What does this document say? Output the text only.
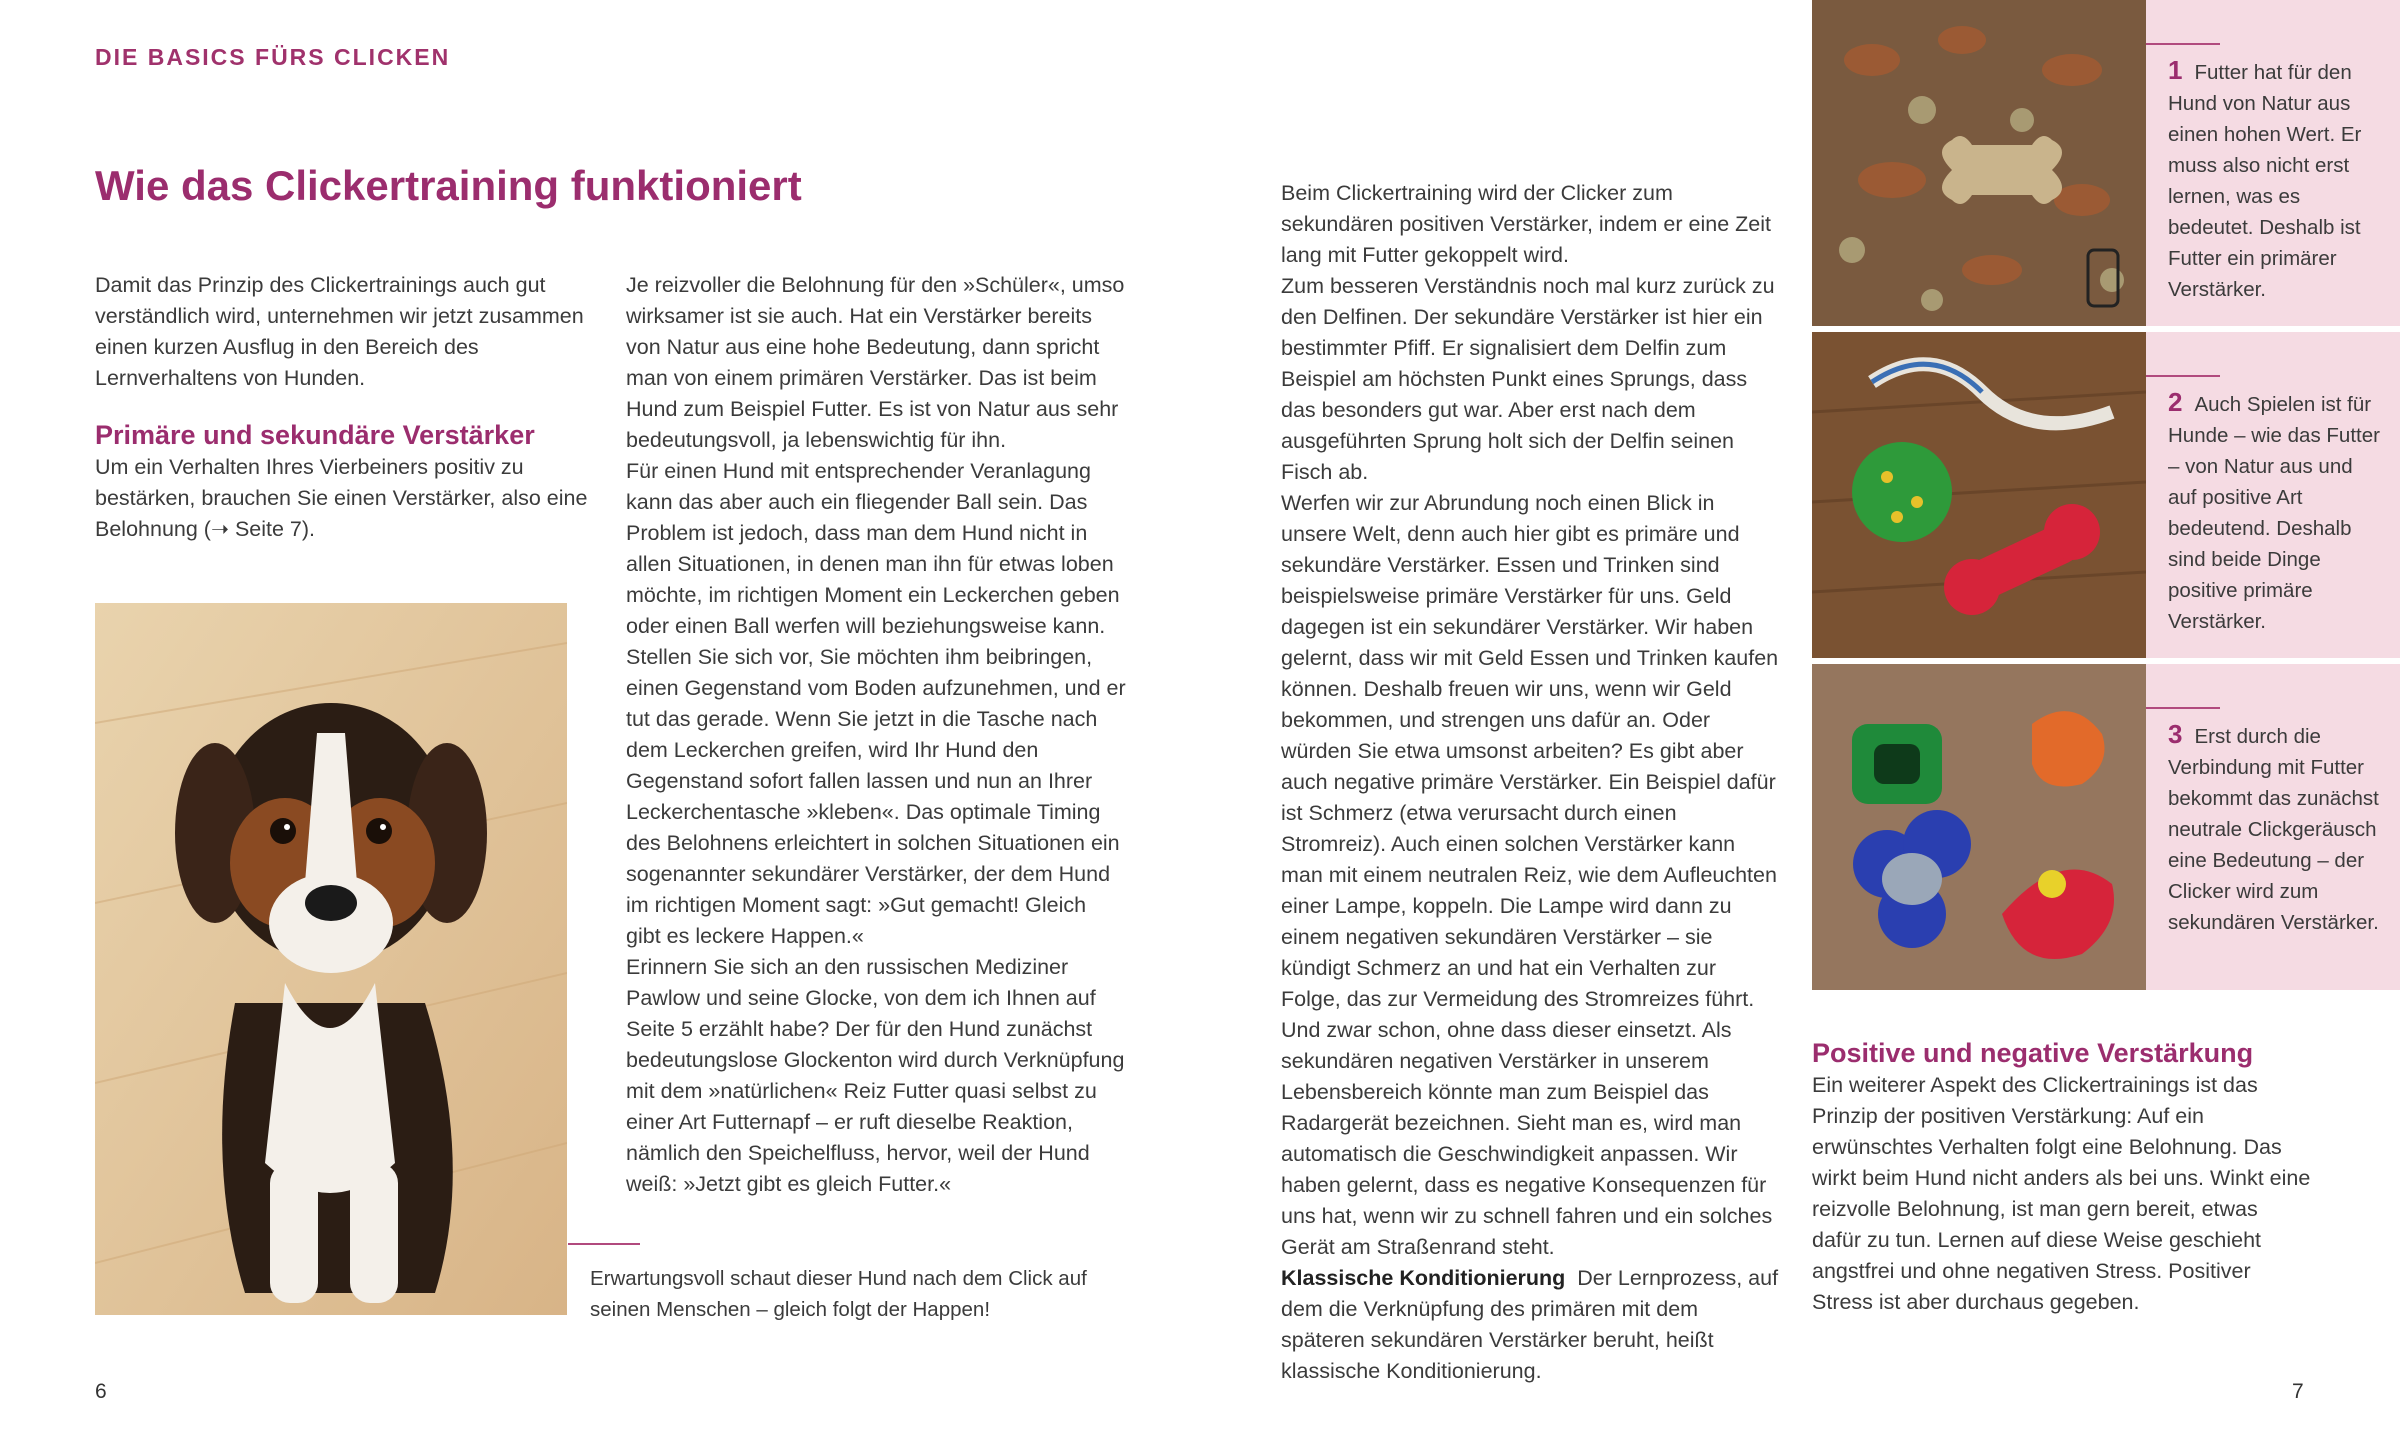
DIE BASICS FÜRS CLICKEN
Wie das Clickertraining funktioniert

Damit das Prinzip des Clickertrainings auch gut verständlich wird, unternehmen wir jetzt zusammen einen kurzen Ausflug in den Bereich des Lernverhaltens von Hunden.

Primäre und sekundäre Verstärker

Um ein Verhalten Ihres Vierbeiners positiv zu bestärken, brauchen Sie einen Verstärker, also eine Belohnung (➝ Seite 7).

Je reizvoller die Belohnung für den »Schüler«, umso wirksamer ist sie auch. Hat ein Verstärker bereits von Natur aus eine hohe Bedeutung, dann spricht man von einem primären Verstärker. Das ist beim Hund zum Beispiel Futter. Es ist von Natur aus sehr bedeutungsvoll, ja lebenswichtig für ihn.

Für einen Hund mit entsprechender Veranlagung kann das aber auch ein fliegender Ball sein. Das Problem ist jedoch, dass man dem Hund nicht in allen Situationen, in denen man ihn für etwas loben möchte, im richtigen Moment ein Leckerchen geben oder einen Ball werfen will beziehungsweise kann. Stellen Sie sich vor, Sie möchten ihm beibringen, einen Gegenstand vom Boden aufzunehmen, und er tut das gerade. Wenn Sie jetzt in die Tasche nach dem Leckerchen greifen, wird Ihr Hund den Gegenstand sofort fallen lassen und nun an Ihrer Leckerchentasche »kleben«. Das optimale Timing des Belohnens erleichtert in solchen Situationen ein sogenannter sekundärer Verstärker, der dem Hund im richtigen Moment sagt: »Gut gemacht! Gleich gibt es leckere Happen.«

Erinnern Sie sich an den russischen Mediziner Pawlow und seine Glocke, von dem ich Ihnen auf Seite 5 erzählt habe? Der für den Hund zunächst bedeutungslose Glockenton wird durch Verknüpfung mit dem »natürlichen« Reiz Futter quasi selbst zu einer Art Futternapf – er ruft dieselbe Reaktion, nämlich den Speichelfluss, hervor, weil der Hund weiß: »Jetzt gibt es gleich Futter.«

Erwartungsvoll schaut dieser Hund nach dem Click auf seinen Menschen – gleich folgt der Happen!
6

Beim Clickertraining wird der Clicker zum sekundären positiven Verstärker, indem er eine Zeit lang mit Futter gekoppelt wird.

Zum besseren Verständnis noch mal kurz zurück zu den Delfinen. Der sekundäre Verstärker ist hier ein bestimmter Pfiff. Er signalisiert dem Delfin zum Beispiel am höchsten Punkt eines Sprungs, dass das besonders gut war. Aber erst nach dem ausgeführten Sprung holt sich der Delfin seinen Fisch ab.

Werfen wir zur Abrundung noch einen Blick in unsere Welt, denn auch hier gibt es primäre und sekundäre Verstärker. Essen und Trinken sind beispielsweise primäre Verstärker für uns. Geld dagegen ist ein sekundärer Verstärker. Wir haben gelernt, dass wir mit Geld Essen und Trinken kaufen können. Deshalb freuen wir uns, wenn wir Geld bekommen, und strengen uns dafür an. Oder würden Sie etwa umsonst arbeiten? Es gibt aber auch negative primäre Verstärker. Ein Beispiel dafür ist Schmerz (etwa verursacht durch einen Stromreiz). Auch einen solchen Verstärker kann man mit einem neutralen Reiz, wie dem Aufleuchten einer Lampe, koppeln. Die Lampe wird dann zu einem negativen sekundären Verstärker – sie kündigt Schmerz an und hat ein Verhalten zur Folge, das zur Vermeidung des Stromreizes führt. Und zwar schon, ohne dass dieser einsetzt. Als sekundären negativen Verstärker in unserem Lebensbereich könnte man zum Beispiel das Radargerät bezeichnen. Sieht man es, wird man automatisch die Geschwindigkeit anpassen. Wir haben gelernt, dass es negative Konsequenzen für uns hat, wenn wir zu schnell fahren und ein solches Gerät am Straßenrand steht.

Klassische Konditionierung Der Lernprozess, auf dem die Verknüpfung des primären mit dem späteren sekundären Verstärker beruht, heißt klassische Konditionierung.

1 Futter hat für den Hund von Natur aus einen hohen Wert. Er muss also nicht erst lernen, was es bedeutet. Deshalb ist Futter ein primärer Verstärker.
2 Auch Spielen ist für Hunde – wie das Futter – von Natur aus und auf positive Art bedeutend. Deshalb sind beide Dinge positive primäre Verstärker.
3 Erst durch die Verbindung mit Futter bekommt das zunächst neutrale Clickgeräusch eine Bedeutung – der Clicker wird zum sekundären Verstärker.
Positive und negative Verstärkung

Ein weiterer Aspekt des Clickertrainings ist das Prinzip der positiven Verstärkung: Auf ein erwünschtes Verhalten folgt eine Belohnung. Das wirkt beim Hund nicht anders als bei uns. Winkt eine reizvolle Belohnung, ist man gern bereit, etwas dafür zu tun. Lernen auf diese Weise geschieht angstfrei und ohne negativen Stress. Positiver Stress ist aber durchaus gegeben.

7
